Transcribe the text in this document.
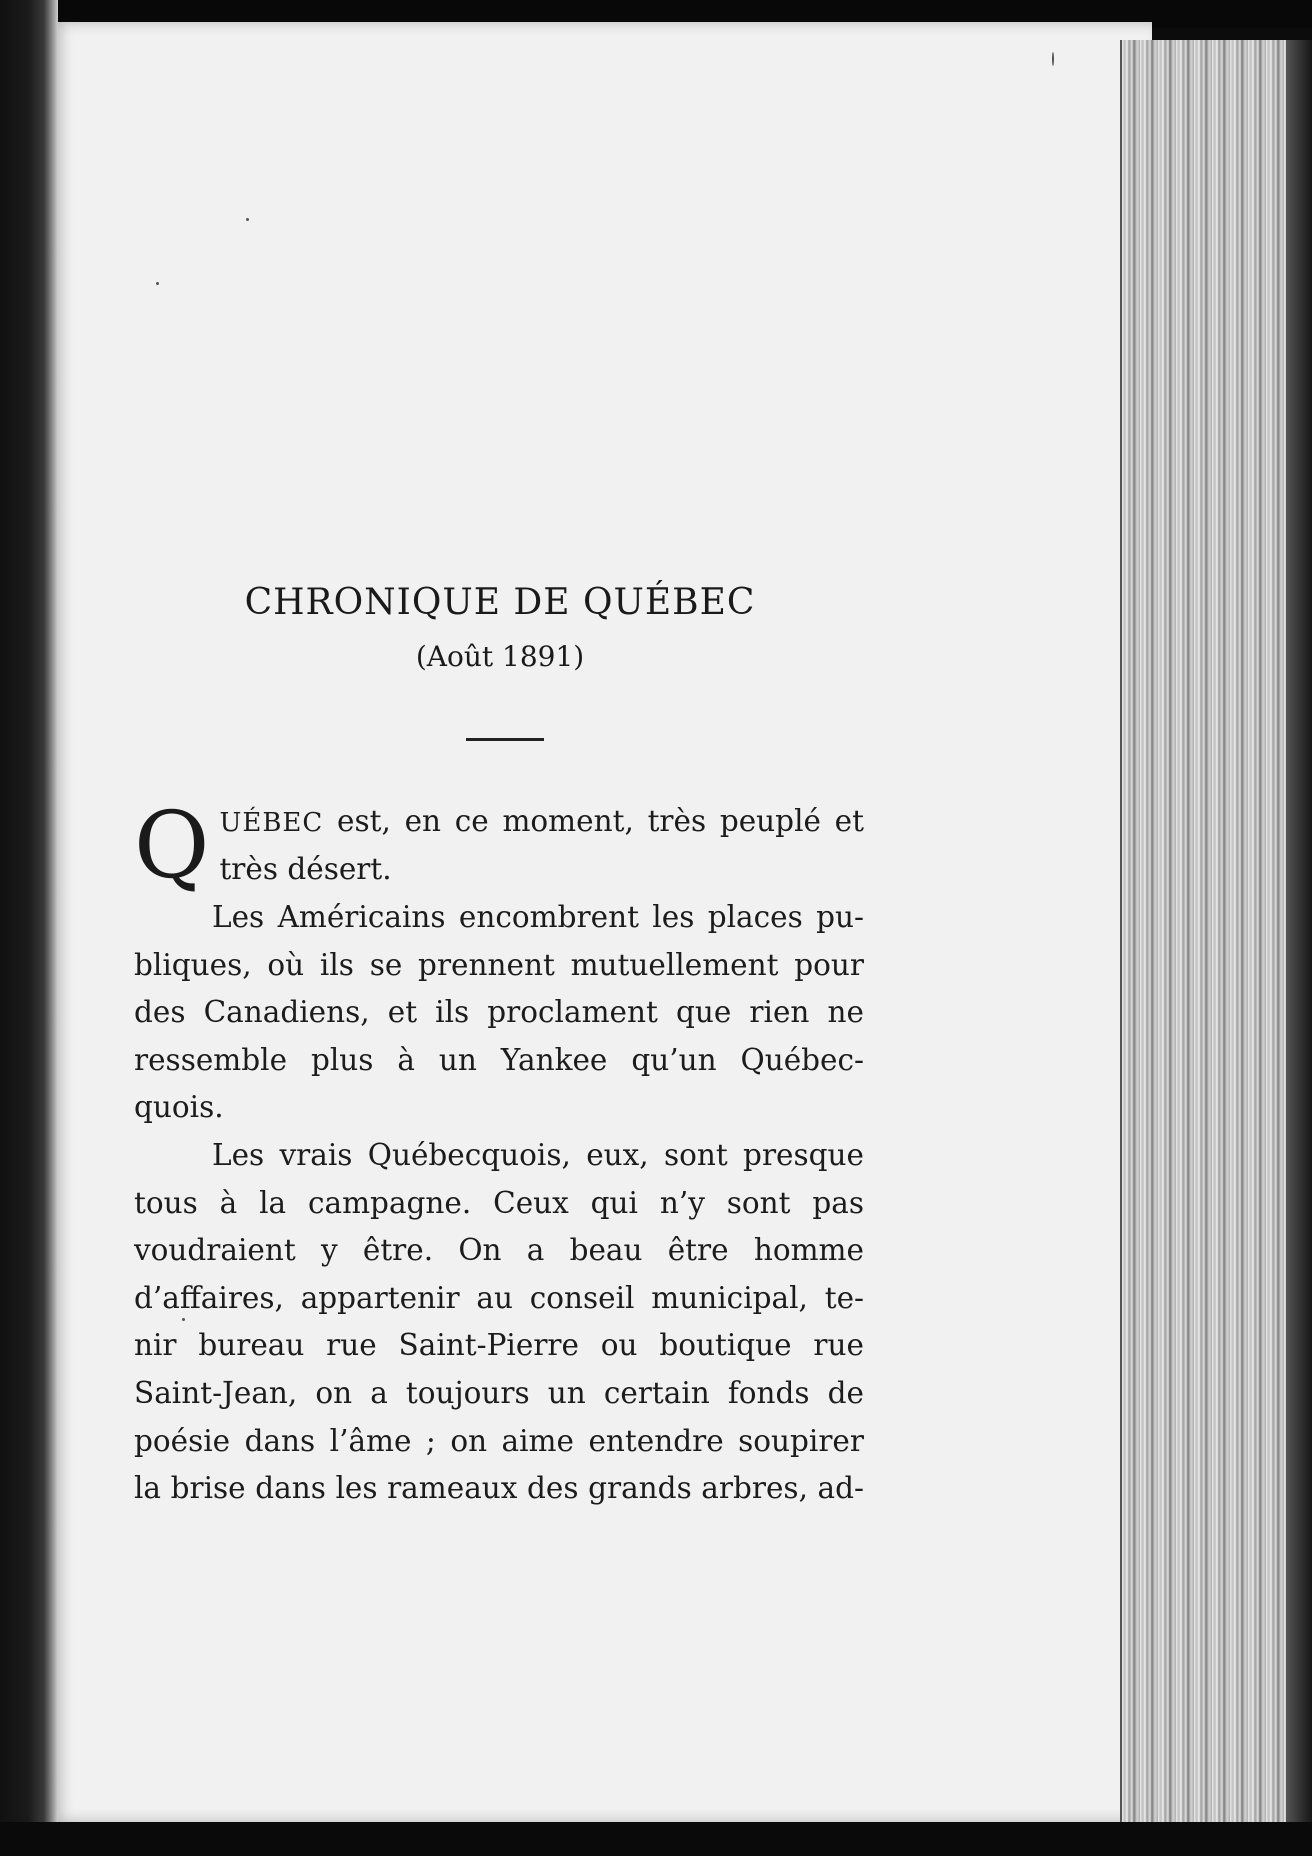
CHRONIQUE DE QUÉBEC
(Août 1891)
Q UÉBEC est, en ce moment, très peuplé et
très désert.
Les Américains encombrent les places pu-
bliques, où ils se prennent mutuellement pour
des Canadiens, et ils proclament que rien ne
ressemble plus à un Yankee qu’un Québec-
quois.
Les vrais Québecquois, eux, sont presque
tous à la campagne. Ceux qui n’y sont pas
voudraient y être. On a beau être homme
d’affaires, appartenir au conseil municipal, te-
nir bureau rue Saint-Pierre ou boutique rue
Saint-Jean, on a toujours un certain fonds de
poésie dans l’âme ; on aime entendre soupirer
la brise dans les rameaux des grands arbres, ad-
